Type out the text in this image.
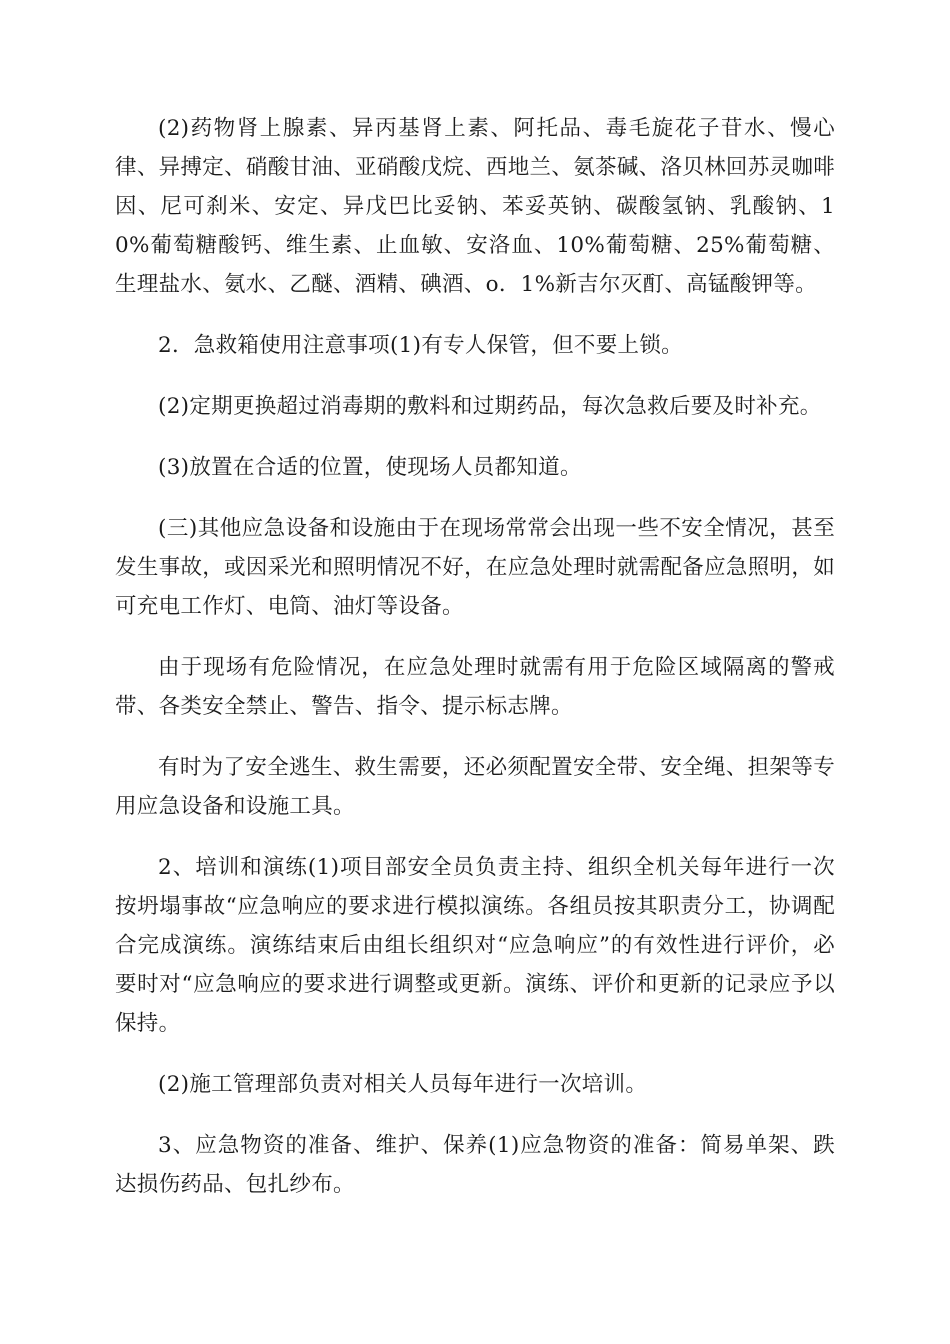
(2)药物肾上腺素、异丙基肾上素、阿托品、毒毛旋花子苷水、慢心律、异搏定、硝酸甘油、亚硝酸戊烷、西地兰、氨茶碱、洛贝林回苏灵咖啡因、尼可刹米、安定、异戊巴比妥钠、苯妥英钠、碳酸氢钠、乳酸钠、10%葡萄糖酸钙、维生素、止血敏、安洛血、10%葡萄糖、25%葡萄糖、生理盐水、氨水、乙醚、酒精、碘酒、o．1%新吉尔灭酊、高锰酸钾等。

2．急救箱使用注意事项(1)有专人保管，但不要上锁。

(2)定期更换超过消毒期的敷料和过期药品，每次急救后要及时补充。

(3)放置在合适的位置，使现场人员都知道。

(三)其他应急设备和设施由于在现场常常会出现一些不安全情况，甚至发生事故，或因采光和照明情况不好，在应急处理时就需配备应急照明，如可充电工作灯、电筒、油灯等设备。

由于现场有危险情况，在应急处理时就需有用于危险区域隔离的警戒带、各类安全禁止、警告、指令、提示标志牌。

有时为了安全逃生、救生需要，还必须配置安全带、安全绳、担架等专用应急设备和设施工具。

2、培训和演练(1)项目部安全员负责主持、组织全机关每年进行一次按坍塌事故“应急响应的要求进行模拟演练。各组员按其职责分工，协调配合完成演练。演练结束后由组长组织对“应急响应”的有效性进行评价，必要时对“应急响应的要求进行调整或更新。演练、评价和更新的记录应予以保持。

(2)施工管理部负责对相关人员每年进行一次培训。

3、应急物资的准备、维护、保养(1)应急物资的准备：简易单架、跌达损伤药品、包扎纱布。
